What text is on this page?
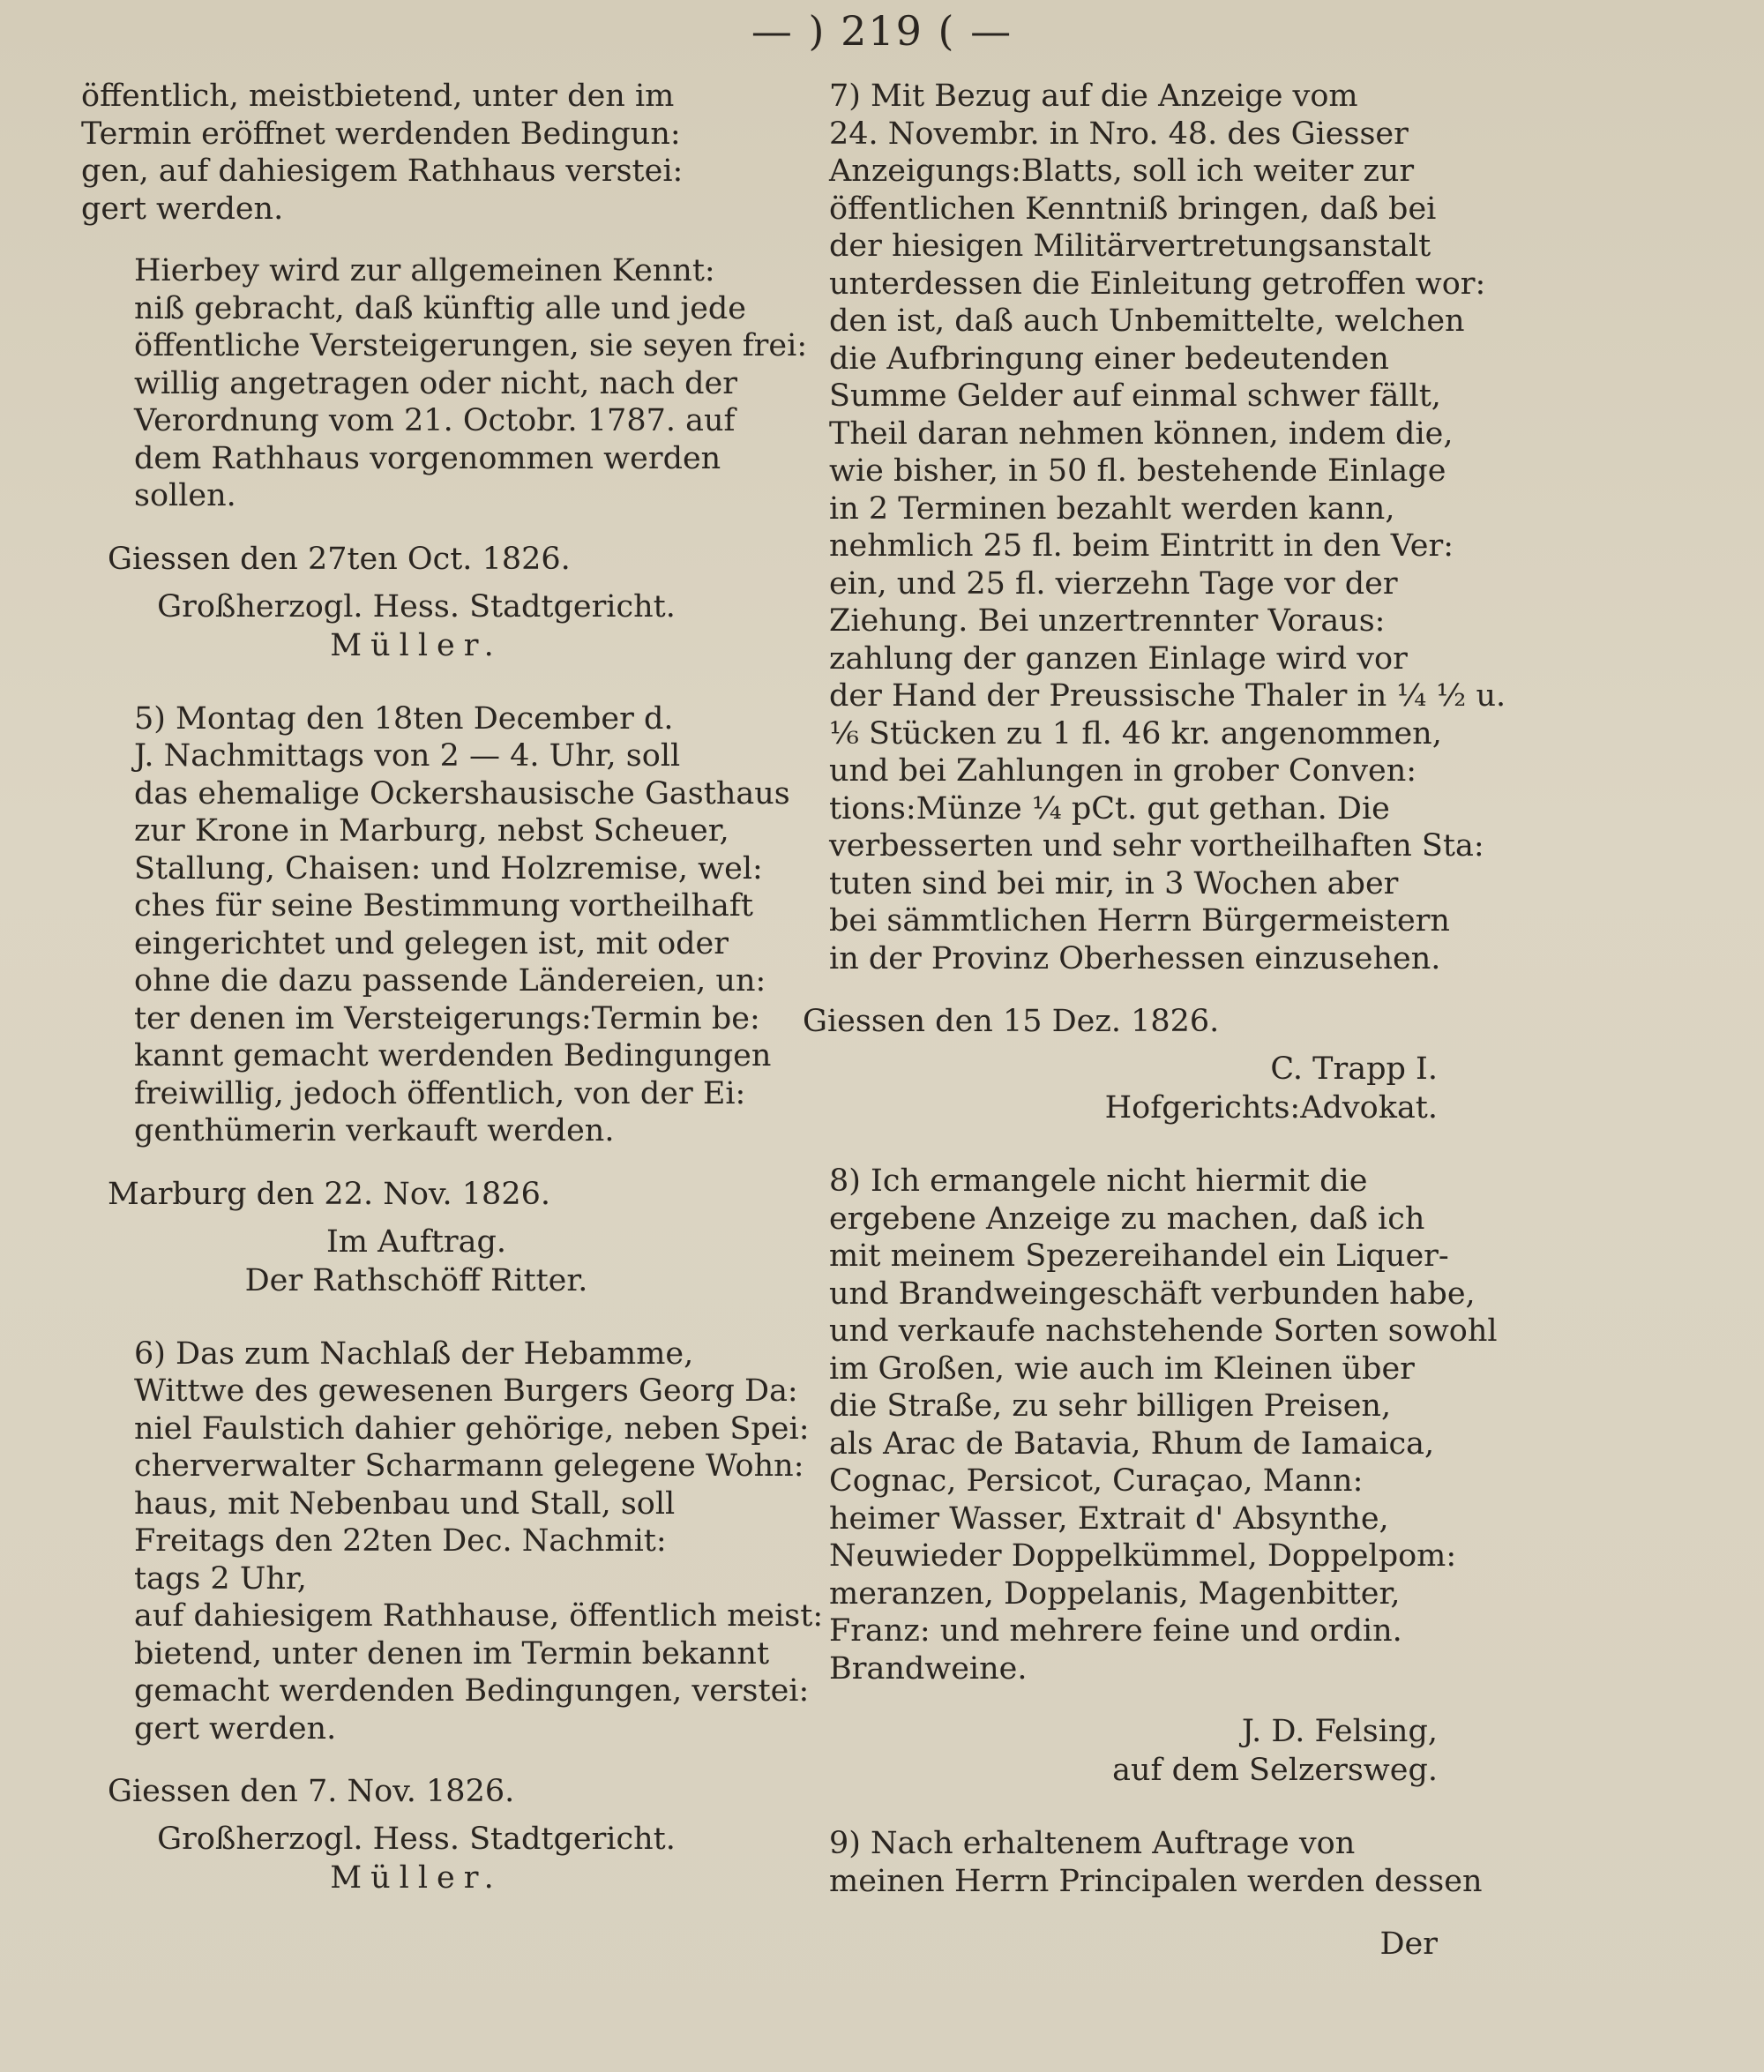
— ) 219 ( —
öffentlich, meistbietend, unter den im
Termin eröffnet werdenden Bedingun:
gen, auf dahiesigem Rathhaus verstei:
gert werden.
Hierbey wird zur allgemeinen Kennt:
niß gebracht, daß künftig alle und jede
öffentliche Versteigerungen, sie seyen frei:
willig angetragen oder nicht, nach der
Verordnung vom 21. Octobr. 1787. auf
dem Rathhaus vorgenommen werden
sollen.
Giessen den 27ten Oct. 1826.
Großherzogl. Hess. Stadtgericht.
Müller.
5) Montag den 18ten December d.
J. Nachmittags von 2 — 4. Uhr, soll
das ehemalige Ockershausische Gasthaus
zur Krone in Marburg, nebst Scheuer,
Stallung, Chaisen: und Holzremise, wel:
ches für seine Bestimmung vortheilhaft
eingerichtet und gelegen ist, mit oder
ohne die dazu passende Ländereien, un:
ter denen im Versteigerungs:Termin be:
kannt gemacht werdenden Bedingungen
freiwillig, jedoch öffentlich, von der Ei:
genthümerin verkauft werden.
Marburg den 22. Nov. 1826.
Im Auftrag.
Der Rathschöff Ritter.
6) Das zum Nachlaß der Hebamme,
Wittwe des gewesenen Burgers Georg Da:
niel Faulstich dahier gehörige, neben Spei:
cherverwalter Scharmann gelegene Wohn:
haus, mit Nebenbau und Stall, soll
Freitags den 22ten Dec. Nachmit:
tags 2 Uhr,
auf dahiesigem Rathhause, öffentlich meist:
bietend, unter denen im Termin bekannt
gemacht werdenden Bedingungen, verstei:
gert werden.
Giessen den 7. Nov. 1826.
Großherzogl. Hess. Stadtgericht.
Müller.
7) Mit Bezug auf die Anzeige vom
24. Novembr. in Nro. 48. des Giesser
Anzeigungs:Blatts, soll ich weiter zur
öffentlichen Kenntniß bringen, daß bei
der hiesigen Militärvertretungsanstalt
unterdessen die Einleitung getroffen wor:
den ist, daß auch Unbemittelte, welchen
die Aufbringung einer bedeutenden
Summe Gelder auf einmal schwer fällt,
Theil daran nehmen können, indem die,
wie bisher, in 50 fl. bestehende Einlage
in 2 Terminen bezahlt werden kann,
nehmlich 25 fl. beim Eintritt in den Ver:
ein, und 25 fl. vierzehn Tage vor der
Ziehung. Bei unzertrennter Voraus:
zahlung der ganzen Einlage wird vor
der Hand der Preussische Thaler in ¼ ½ u.
⅙ Stücken zu 1 fl. 46 kr. angenommen,
und bei Zahlungen in grober Conven:
tions:Münze ¼ pCt. gut gethan. Die
verbesserten und sehr vortheilhaften Sta:
tuten sind bei mir, in 3 Wochen aber
bei sämmtlichen Herrn Bürgermeistern
in der Provinz Oberhessen einzusehen.
Giessen den 15 Dez. 1826.
C. Trapp I.
Hofgerichts:Advokat.
8) Ich ermangele nicht hiermit die
ergebene Anzeige zu machen, daß ich
mit meinem Spezereihandel ein Liquer-
und Brandweingeschäft verbunden habe,
und verkaufe nachstehende Sorten sowohl
im Großen, wie auch im Kleinen über
die Straße, zu sehr billigen Preisen,
als Arac de Batavia, Rhum de Iamaica,
Cognac, Persicot, Curaçao, Mann:
heimer Wasser, Extrait d' Absynthe,
Neuwieder Doppelkümmel, Doppelpom:
meranzen, Doppelanis, Magenbitter,
Franz: und mehrere feine und ordin.
Brandweine.
J. D. Felsing,
auf dem Selzersweg.
9) Nach erhaltenem Auftrage von
meinen Herrn Principalen werden dessen
Der
